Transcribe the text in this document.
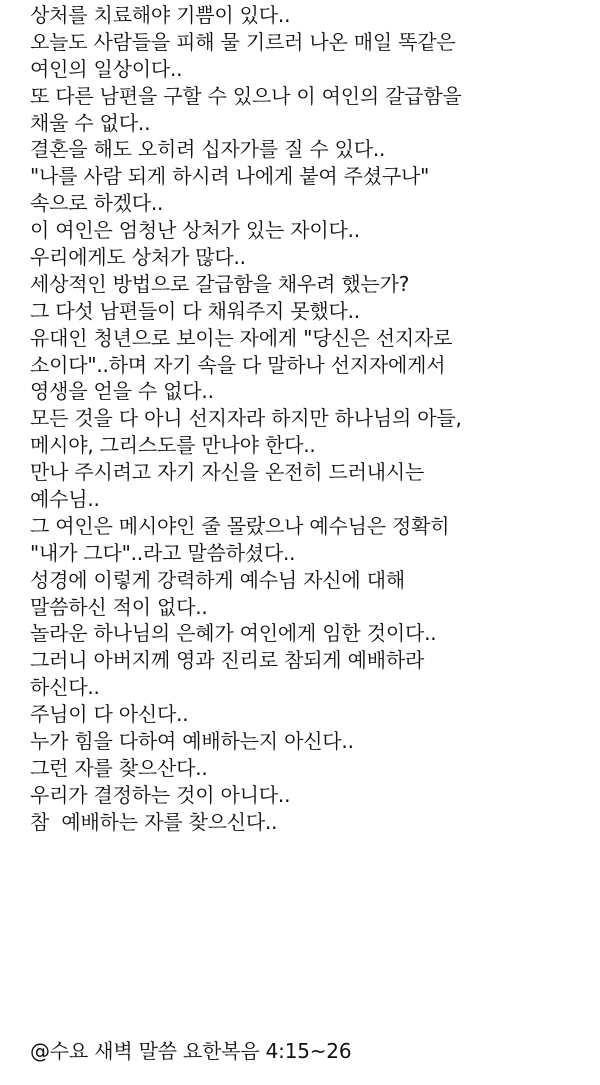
상처를 치료해야 기쁨이 있다..
오늘도 사람들을 피해 물 기르러 나온 매일 똑같은
여인의 일상이다..
또 다른 남편을 구할 수 있으나 이 여인의 갈급함을
채울 수 없다..
결혼을 해도 오히려 십자가를 질 수 있다..
"나를 사람 되게 하시려 나에게 붙여 주셨구나"
속으로 하겠다..
이 여인은 엄청난 상처가 있는 자이다..
우리에게도 상처가 많다..
세상적인 방법으로 갈급함을 채우려 했는가?
그 다섯 남편들이 다 채워주지 못했다..
유대인 청년으로 보이는 자에게 "당신은 선지자로
소이다"..하며 자기 속을 다 말하나 선지자에게서
영생을 얻을 수 없다..
모든 것을 다 아니 선지자라 하지만 하나님의 아들,
메시야, 그리스도를 만나야 한다..
만나 주시려고 자기 자신을 온전히 드러내시는
예수님..
그 여인은 메시야인 줄 몰랐으나 예수님은 정확히
"내가 그다"..라고 말씀하셨다..
성경에 이렇게 강력하게 예수님 자신에 대해
말씀하신 적이 없다..
놀라운 하나님의 은혜가 여인에게 임한 것이다..
그러니 아버지께 영과 진리로 참되게 예배하라
하신다..
주님이 다 아신다..
누가 힘을 다하여 예배하는지 아신다..
그런 자를 찾으산다..
우리가 결정하는 것이 아니다..
참  예배하는 자를 찾으신다..
@수요 새벽 말씀 요한복음 4:15~26
